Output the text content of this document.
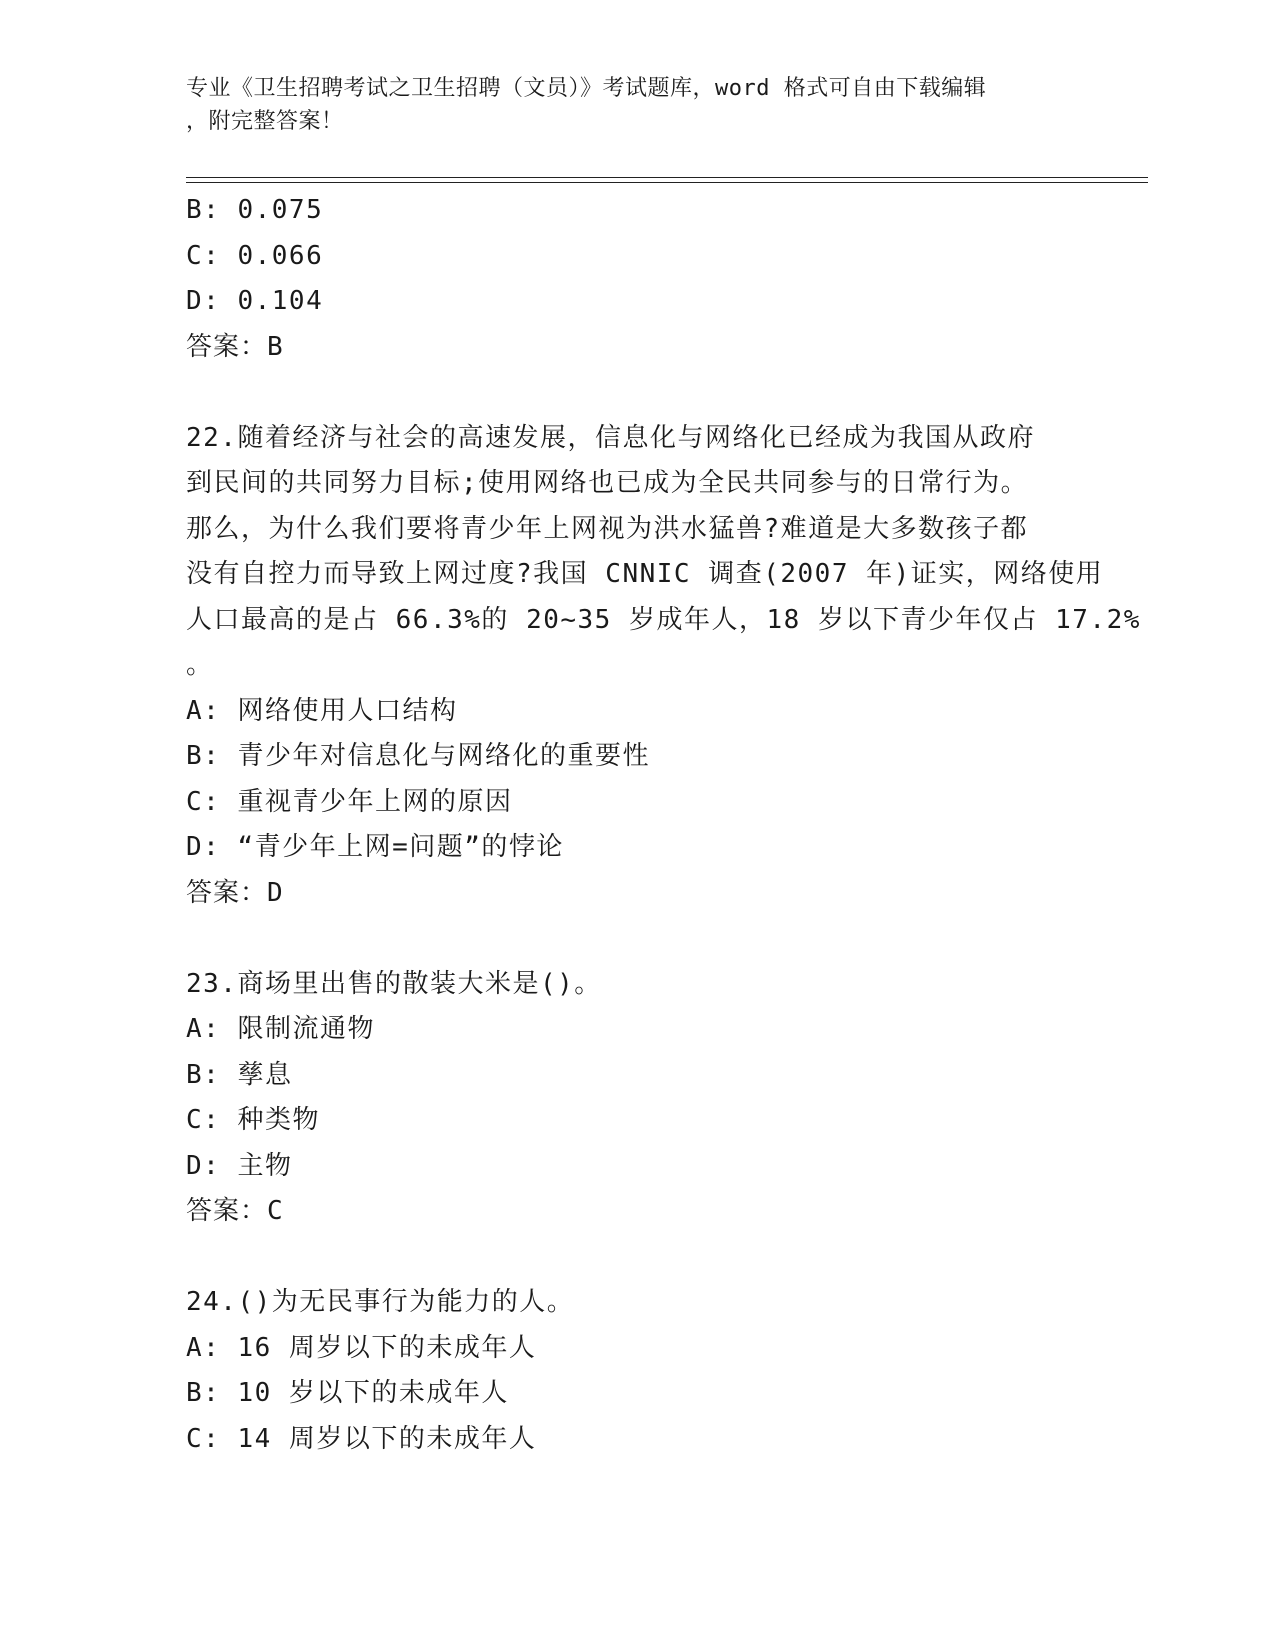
专业《卫生招聘考试之卫生招聘（文员）》考试题库，word 格式可自由下载编辑
，附完整答案！
B: 0.075
C: 0.066
D: 0.104
答案：B
22.随着经济与社会的高速发展，信息化与网络化已经成为我国从政府
到民间的共同努力目标;使用网络也已成为全民共同参与的日常行为。
那么，为什么我们要将青少年上网视为洪水猛兽?难道是大多数孩子都
没有自控力而导致上网过度?我国 CNNIC 调查(2007 年)证实，网络使用
人口最高的是占 66.3%的 20~35 岁成年人，18 岁以下青少年仅占 17.2%
。
A: 网络使用人口结构
B: 青少年对信息化与网络化的重要性
C: 重视青少年上网的原因
D: “青少年上网=问题”的悖论
答案：D
23.商场里出售的散装大米是()。
A: 限制流通物
B: 孳息
C: 种类物
D: 主物
答案：C
24.()为无民事行为能力的人。
A: 16 周岁以下的未成年人
B: 10 岁以下的未成年人
C: 14 周岁以下的未成年人
